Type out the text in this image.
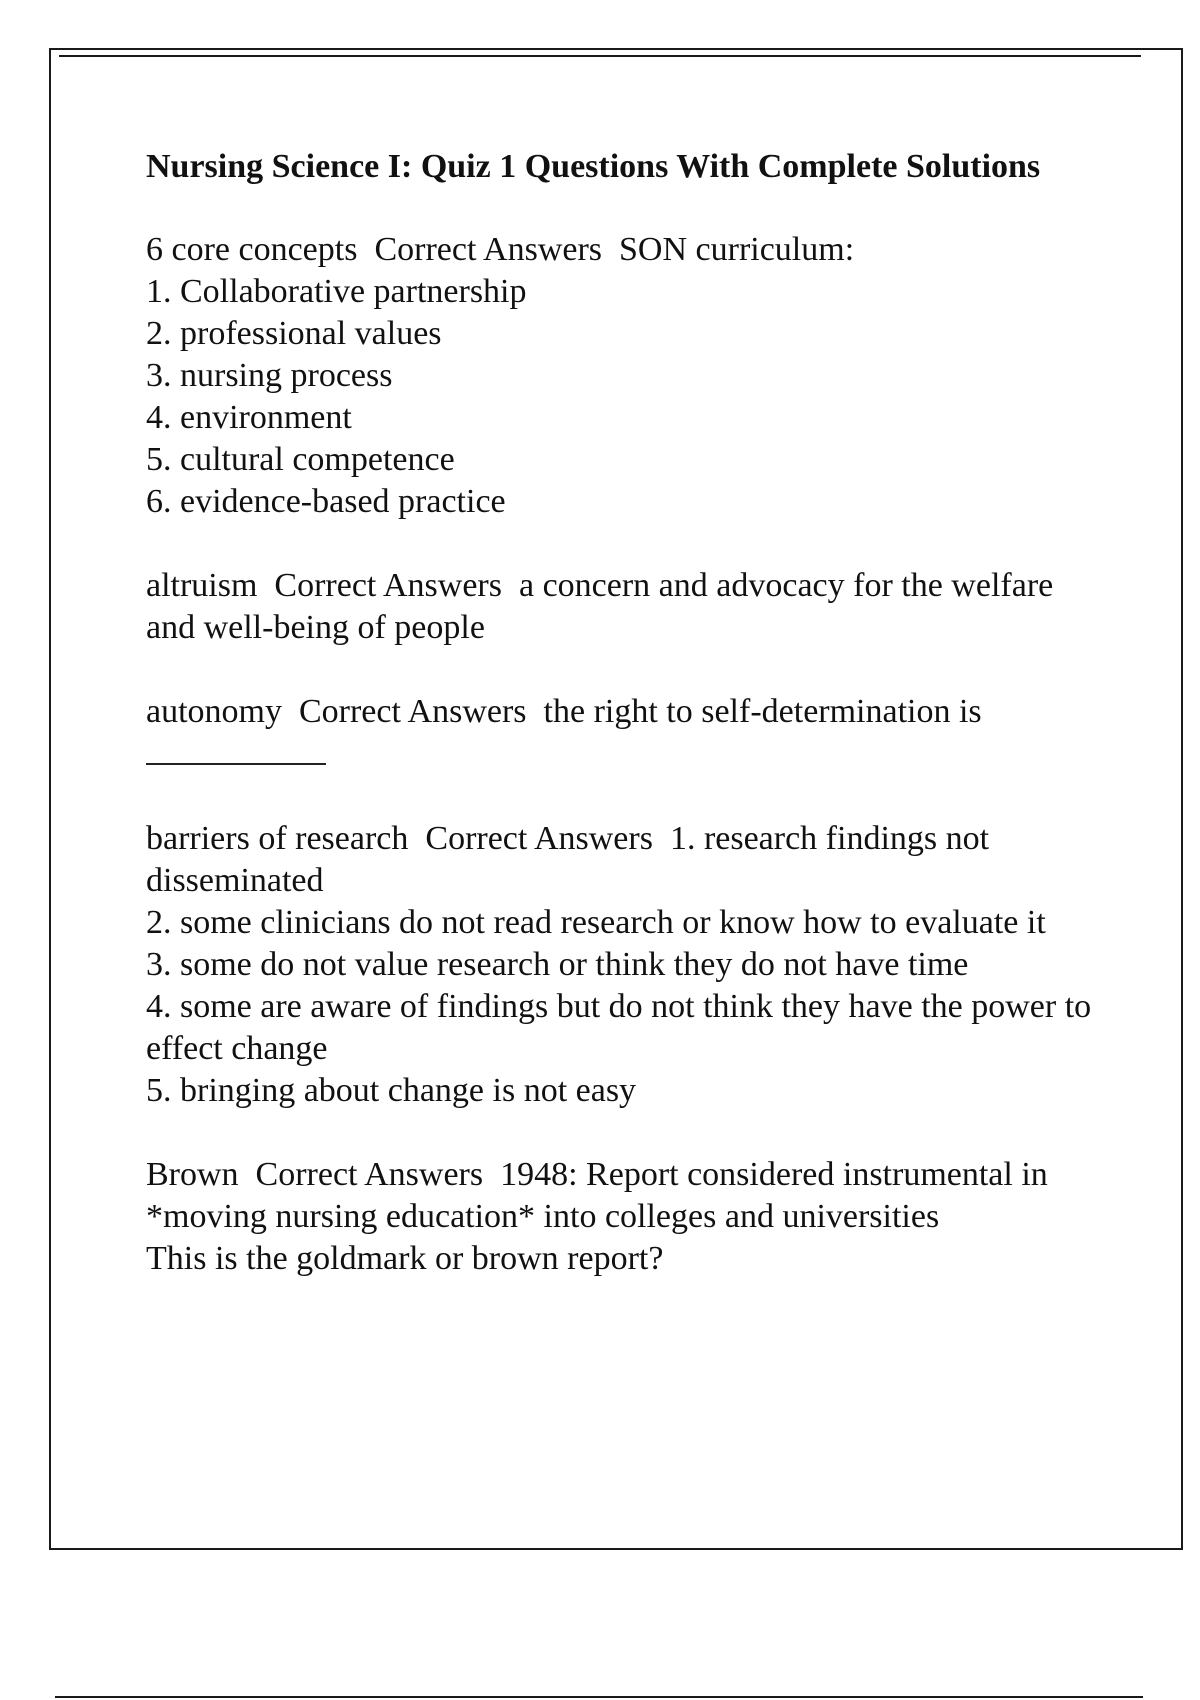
Nursing Science I: Quiz 1 Questions With Complete Solutions
6 core concepts  Correct Answers  SON curriculum:
1. Collaborative partnership
2. professional values
3. nursing process
4. environment
5. cultural competence
6. evidence-based practice
altruism  Correct Answers  a concern and advocacy for the welfare and well-being of people
autonomy  Correct Answers  the right to self-determination is
barriers of research  Correct Answers  1. research findings not disseminated
2. some clinicians do not read research or know how to evaluate it
3. some do not value research or think they do not have time
4. some are aware of findings but do not think they have the power to effect change
5. bringing about change is not easy
Brown  Correct Answers  1948: Report considered instrumental in *moving nursing education* into colleges and universities
This is the goldmark or brown report?
